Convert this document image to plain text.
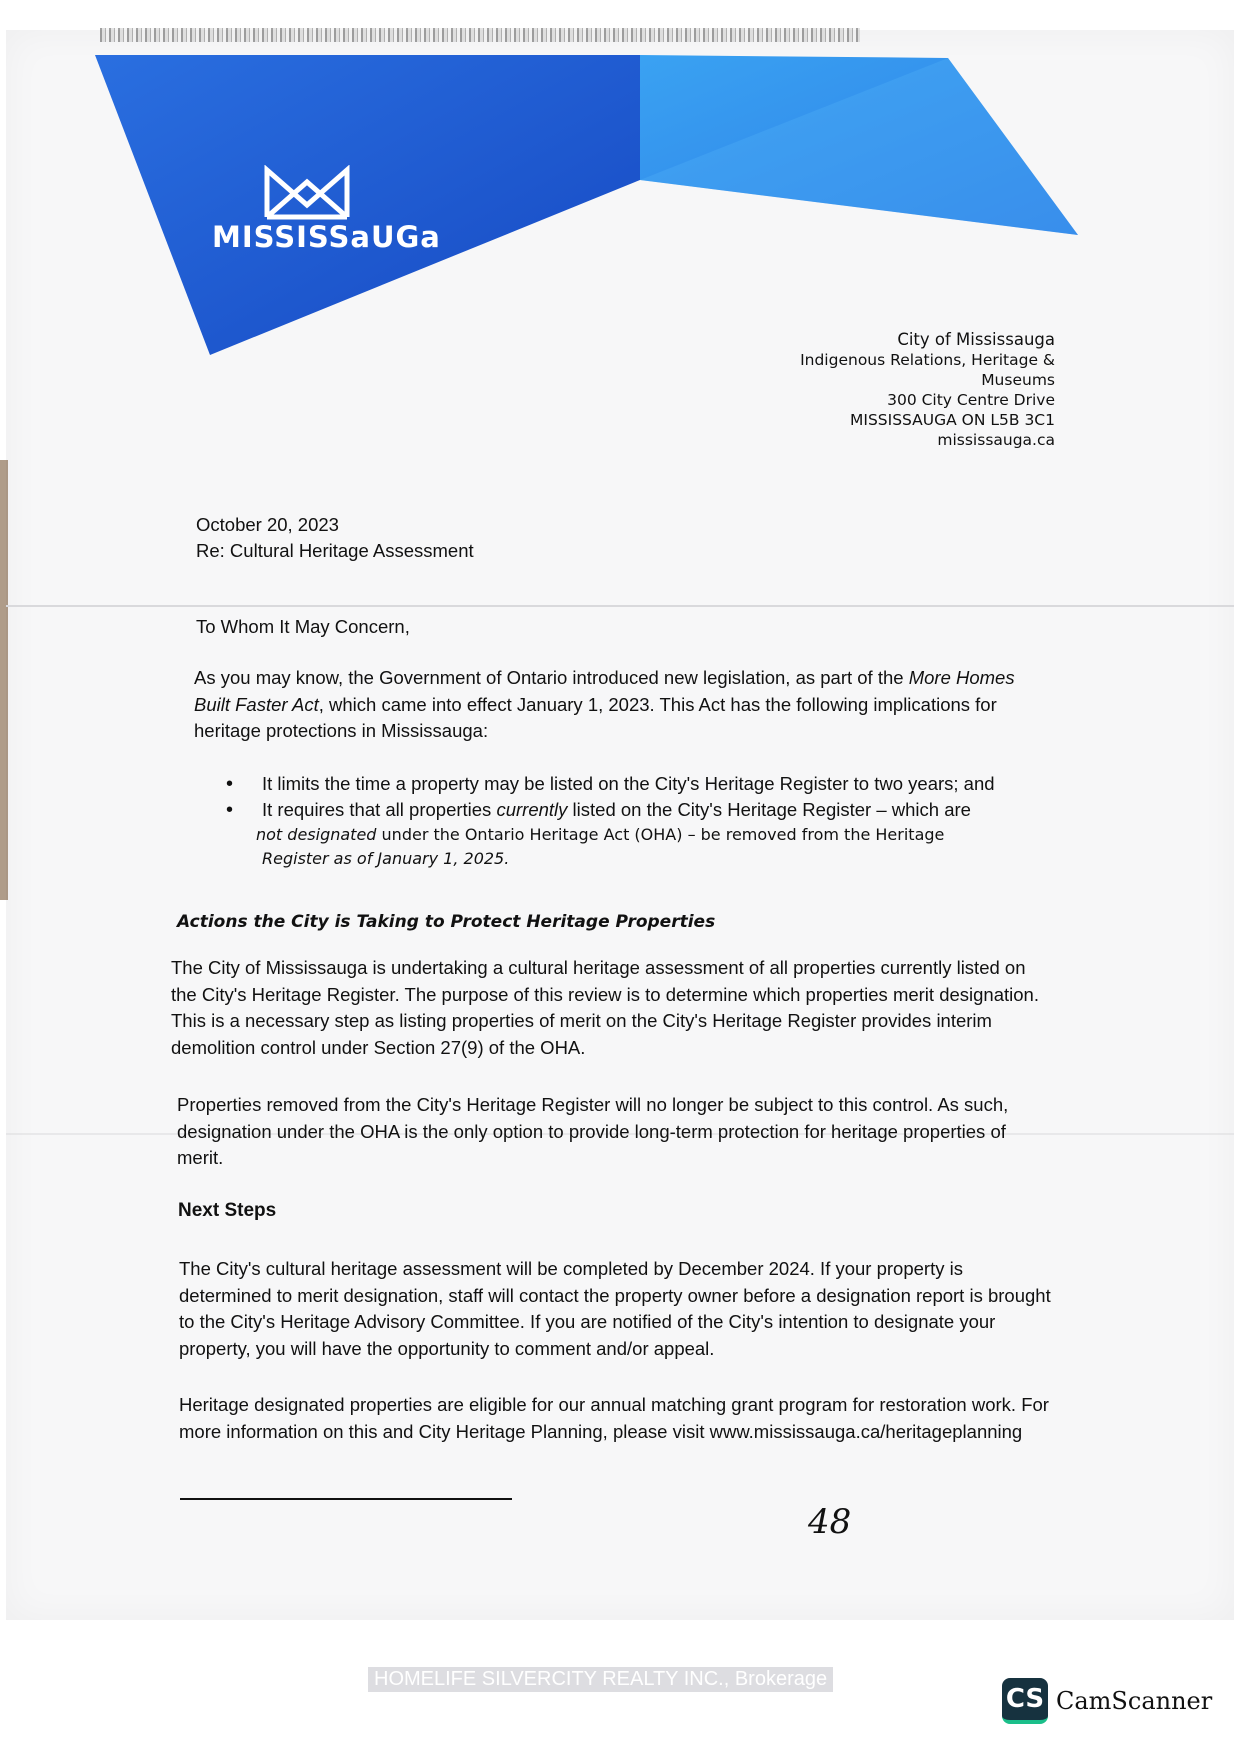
MISSISSaUGa
City of Mississauga
Indigenous Relations, Heritage & Museums
300 City Centre Drive
MISSISSAUGA ON L5B 3C1
mississauga.ca
October 20, 2023
Re: Cultural Heritage Assessment
To Whom It May Concern,
As you may know, the Government of Ontario introduced new legislation, as part of the More Homes Built Faster Act, which came into effect January 1, 2023. This Act has the following implications for heritage protections in Mississauga:
• It limits the time a property may be listed on the City's Heritage Register to two years; and
• It requires that all properties currently listed on the City's Heritage Register – which are
not designated under the Ontario Heritage Act (OHA) – be removed from the Heritage
Register as of January 1, 2025.
Actions the City is Taking to Protect Heritage Properties
The City of Mississauga is undertaking a cultural heritage assessment of all properties currently listed on the City's Heritage Register. The purpose of this review is to determine which properties merit designation. This is a necessary step as listing properties of merit on the City's Heritage Register provides interim demolition control under Section 27(9) of the OHA.
Properties removed from the City's Heritage Register will no longer be subject to this control. As such, designation under the OHA is the only option to provide long-term protection for heritage properties of merit.
Next Steps
The City's cultural heritage assessment will be completed by December 2024. If your property is determined to merit designation, staff will contact the property owner before a designation report is brought to the City's Heritage Advisory Committee. If you are notified of the City's intention to designate your property, you will have the opportunity to comment and/or appeal.
Heritage designated properties are eligible for our annual matching grant program for restoration work. For more information on this and City Heritage Planning, please visit www.mississauga.ca/heritageplanning
48
HOMELIFE SILVERCITY REALTY INC., Brokerage
CS CamScanner
